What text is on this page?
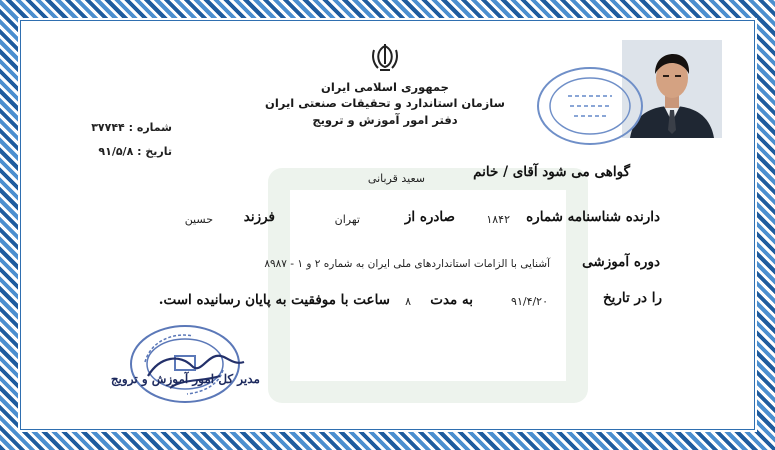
جمهوری اسلامی ایران
سازمان استاندارد و تحقیقات صنعتی ایران
دفتر امور آموزش و ترویج
شماره : ۳۷۷۴۴
تاریخ : ۹۱/۵/۸
گواهی می شود آقای / خانم
سعید قربانی
دارنده شناسنامه شماره
۱۸۴۲
صادره از
تهران
فرزند
حسین
دوره آموزشی
آشنایی با الزامات استانداردهای ملی ایران به شماره ۲ و ۱ - ۸۹۸۷
را در تاریخ
۹۱/۴/۲۰
به مدت
۸
ساعت با موفقیت به پایان رسانیده است.
مدیر کل امور آموزش و ترویج
